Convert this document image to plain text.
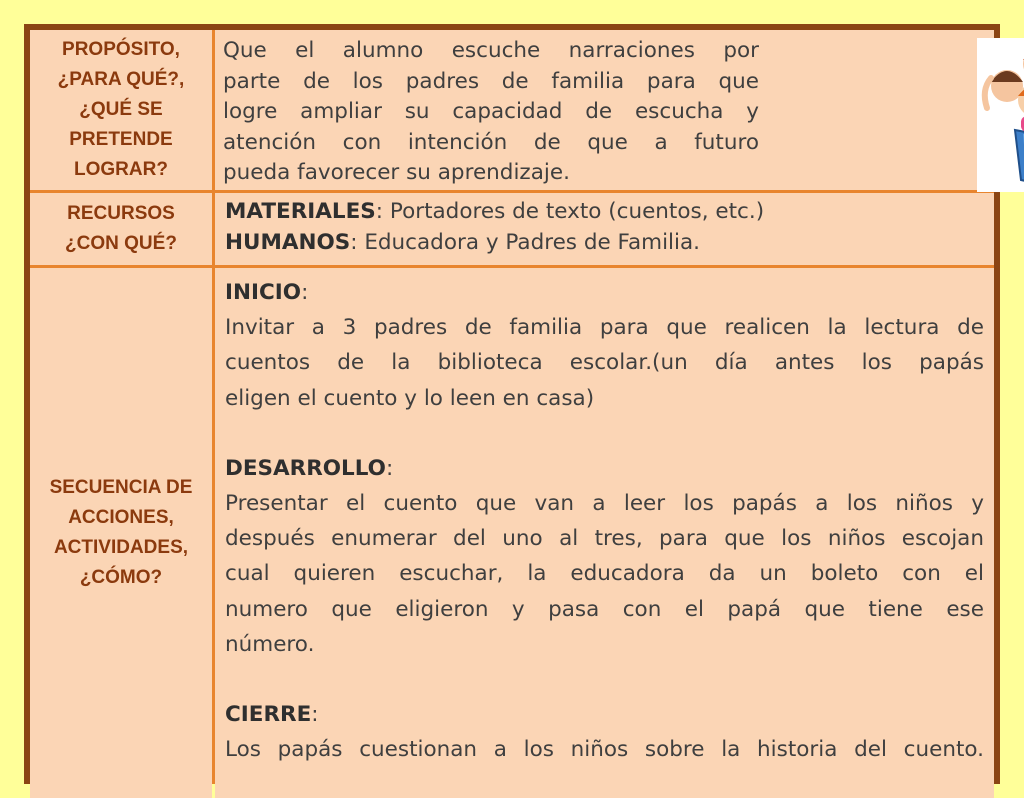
PROPÓSITO,
¿PARA QUÉ?,
¿QUÉ SE
PRETENDE
LOGRAR?
Que el alumno escuche narraciones por
parte de los padres de familia para que
logre ampliar su capacidad de escucha y
atención con intención de que a futuro
pueda favorecer su aprendizaje.
RECURSOS
¿CON QUÉ?
MATERIALES: Portadores de texto (cuentos, etc.)
HUMANOS: Educadora y Padres de Familia.
SECUENCIA DE
ACCIONES,
ACTIVIDADES,
¿CÓMO?
INICIO:
Invitar a 3 padres de familia para que realicen la lectura de
cuentos de la biblioteca escolar.(un día antes los papás
eligen el cuento y lo leen en casa)
DESARROLLO:
Presentar el cuento que van a leer los papás a los niños y
después enumerar del uno al tres, para que los niños escojan
cual quieren escuchar, la educadora da un boleto con el
numero que eligieron y pasa con el papá que tiene ese
número.
CIERRE:
Los papás cuestionan a los niños sobre la historia del cuento.
